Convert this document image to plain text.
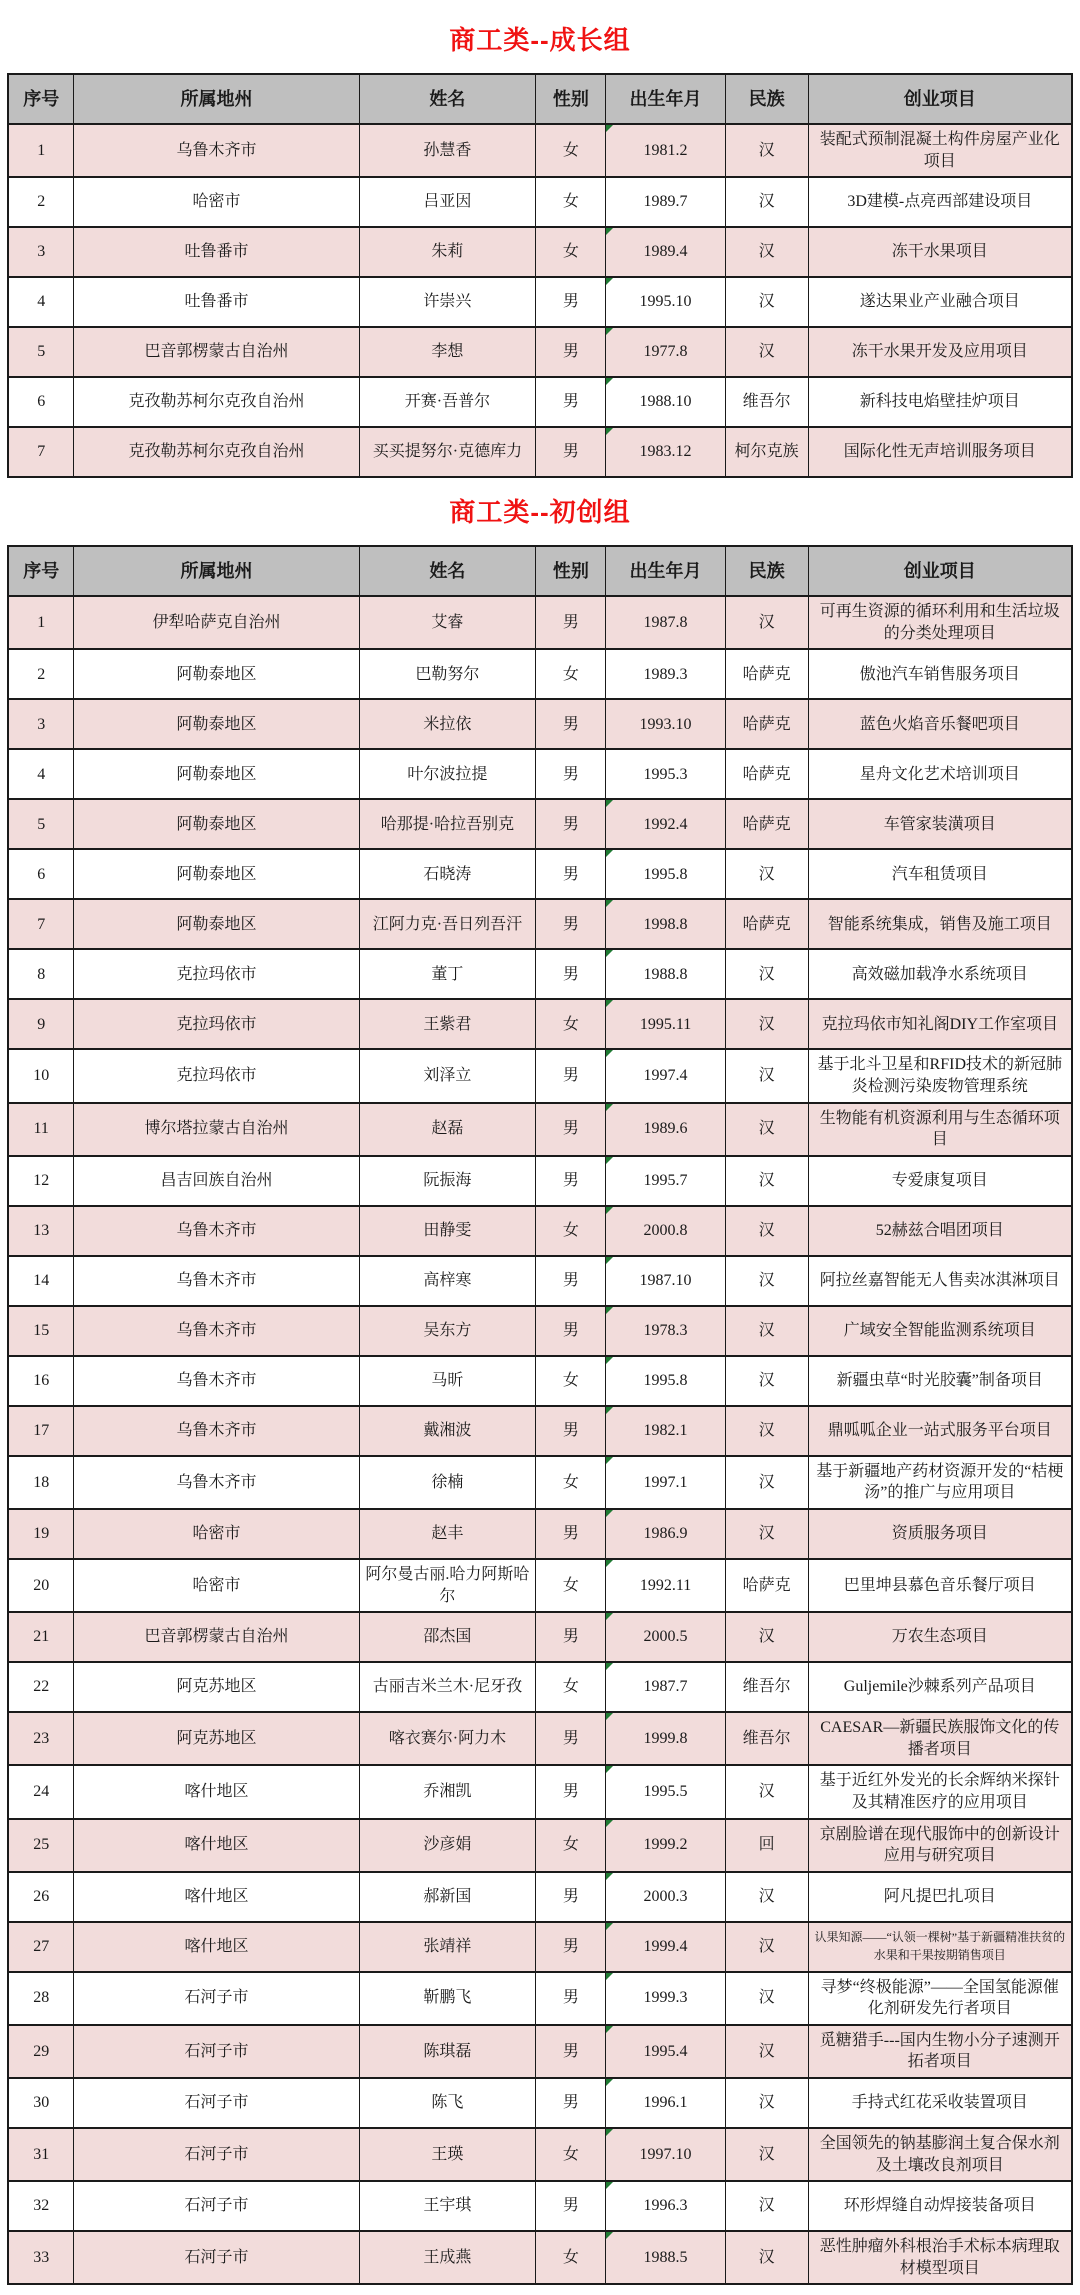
商工类--成长组
序号	所属地州	姓名	性别	出生年月	民族	创业项目
1	乌鲁木齐市	孙慧香	女	1981.2	汉	装配式预制混凝土构件房屋产业化项目
2	哈密市	吕亚因	女	1989.7	汉	3D建模-点亮西部建设项目
3	吐鲁番市	朱莉	女	1989.4	汉	冻干水果项目
4	吐鲁番市	许崇兴	男	1995.10	汉	遂达果业产业融合项目
5	巴音郭楞蒙古自治州	李想	男	1977.8	汉	冻干水果开发及应用项目
6	克孜勒苏柯尔克孜自治州	开赛·吾普尔	男	1988.10	维吾尔	新科技电焰壁挂炉项目
7	克孜勒苏柯尔克孜自治州	买买提努尔·克德库力	男	1983.12	柯尔克族	国际化性无声培训服务项目
商工类--初创组
序号	所属地州	姓名	性别	出生年月	民族	创业项目
1	伊犁哈萨克自治州	艾睿	男	1987.8	汉	可再生资源的循环利用和生活垃圾的分类处理项目
2	阿勒泰地区	巴勒努尔	女	1989.3	哈萨克	傲池汽车销售服务项目
3	阿勒泰地区	米拉依	男	1993.10	哈萨克	蓝色火焰音乐餐吧项目
4	阿勒泰地区	叶尔波拉提	男	1995.3	哈萨克	星舟文化艺术培训项目
5	阿勒泰地区	哈那提·哈拉吾别克	男	1992.4	哈萨克	车管家装潢项目
6	阿勒泰地区	石晓涛	男	1995.8	汉	汽车租赁项目
7	阿勒泰地区	江阿力克·吾日列吾汗	男	1998.8	哈萨克	智能系统集成，销售及施工项目
8	克拉玛依市	董丁	男	1988.8	汉	高效磁加载净水系统项目
9	克拉玛依市	王紫君	女	1995.11	汉	克拉玛依市知礼阁DIY工作室项目
10	克拉玛依市	刘泽立	男	1997.4	汉	基于北斗卫星和RFID技术的新冠肺炎检测污染废物管理系统
11	博尔塔拉蒙古自治州	赵磊	男	1989.6	汉	生物能有机资源利用与生态循环项目
12	昌吉回族自治州	阮振海	男	1995.7	汉	专爱康复项目
13	乌鲁木齐市	田静雯	女	2000.8	汉	52赫兹合唱团项目
14	乌鲁木齐市	高梓寒	男	1987.10	汉	阿拉丝嘉智能无人售卖冰淇淋项目
15	乌鲁木齐市	吴东方	男	1978.3	汉	广域安全智能监测系统项目
16	乌鲁木齐市	马昕	女	1995.8	汉	新疆虫草“时光胶囊”制备项目
17	乌鲁木齐市	戴湘波	男	1982.1	汉	鼎呱呱企业一站式服务平台项目
18	乌鲁木齐市	徐楠	女	1997.1	汉	基于新疆地产药材资源开发的“桔梗汤”的推广与应用项目
19	哈密市	赵丰	男	1986.9	汉	资质服务项目
20	哈密市	阿尔曼古丽.哈力阿斯哈尔	女	1992.11	哈萨克	巴里坤县慕色音乐餐厅项目
21	巴音郭楞蒙古自治州	邵杰国	男	2000.5	汉	万农生态项目
22	阿克苏地区	古丽吉米兰木·尼牙孜	女	1987.7	维吾尔	Guljemile沙棘系列产品项目
23	阿克苏地区	喀衣赛尔·阿力木	男	1999.8	维吾尔	CAESAR—新疆民族服饰文化的传播者项目
24	喀什地区	乔湘凯	男	1995.5	汉	基于近红外发光的长余辉纳米探针及其精准医疗的应用项目
25	喀什地区	沙彦娟	女	1999.2	回	京剧脸谱在现代服饰中的创新设计应用与研究项目
26	喀什地区	郝新国	男	2000.3	汉	阿凡提巴扎项目
27	喀什地区	张靖祥	男	1999.4	汉	认果知源——“认领一棵树”基于新疆精准扶贫的水果和干果按期销售项目
28	石河子市	靳鹏飞	男	1999.3	汉	寻梦“终极能源”——全国氢能源催化剂研发先行者项目
29	石河子市	陈琪磊	男	1995.4	汉	觅糖猎手---国内生物小分子速测开拓者项目
30	石河子市	陈飞	男	1996.1	汉	手持式红花采收装置项目
31	石河子市	王瑛	女	1997.10	汉	全国领先的钠基膨润土复合保水剂及土壤改良剂项目
32	石河子市	王宇琪	男	1996.3	汉	环形焊缝自动焊接装备项目
33	石河子市	王成燕	女	1988.5	汉	恶性肿瘤外科根治手术标本病理取材模型项目
